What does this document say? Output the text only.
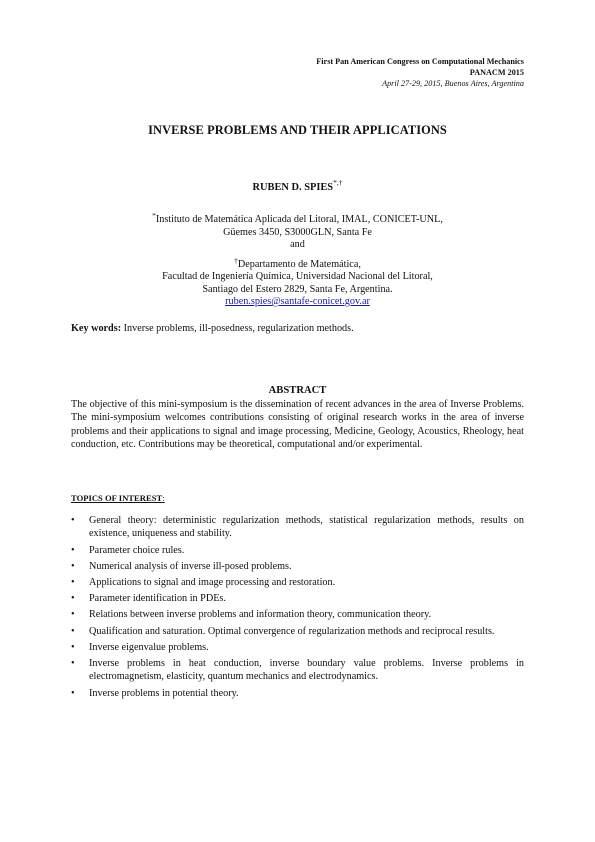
First Pan American Congress on Computational Mechanics
PANACM 2015
April 27-29, 2015, Buenos Aires, Argentina
INVERSE PROBLEMS AND THEIR APPLICATIONS
RUBEN D. SPIES*,†
*Instituto de Matemática Aplicada del Litoral, IMAL, CONICET-UNL,
Güemes 3450, S3000GLN, Santa Fe
and
†Departamento de Matemática,
Facultad de Ingeniería Química, Universidad Nacional del Litoral,
Santiago del Estero 2829, Santa Fe, Argentina.
ruben.spies@santafe-conicet.gov.ar
Key words: Inverse problems, ill-posedness, regularization methods.
ABSTRACT
The objective of this mini-symposium is the dissemination of recent advances in the area of Inverse Problems. The mini-symposium welcomes contributions consisting of original research works in the area of inverse problems and their applications to signal and image processing, Medicine, Geology, Acoustics, Rheology, heat conduction, etc. Contributions may be theoretical, computational and/or experimental.
TOPICS OF INTEREST:
•	General theory: deterministic regularization methods, statistical regularization methods, results on existence, uniqueness and stability.
•	Parameter choice rules.
•	Numerical analysis of inverse ill-posed problems.
•	Applications to signal and image processing and restoration.
•	Parameter identification in PDEs.
•	Relations between inverse problems and information theory, communication theory.
•	Qualification and saturation. Optimal convergence of regularization methods and reciprocal results.
•	Inverse eigenvalue problems.
•	Inverse problems in heat conduction, inverse boundary value problems. Inverse problems in electromagnetism, elasticity, quantum mechanics and electrodynamics.
•	Inverse problems in potential theory.
